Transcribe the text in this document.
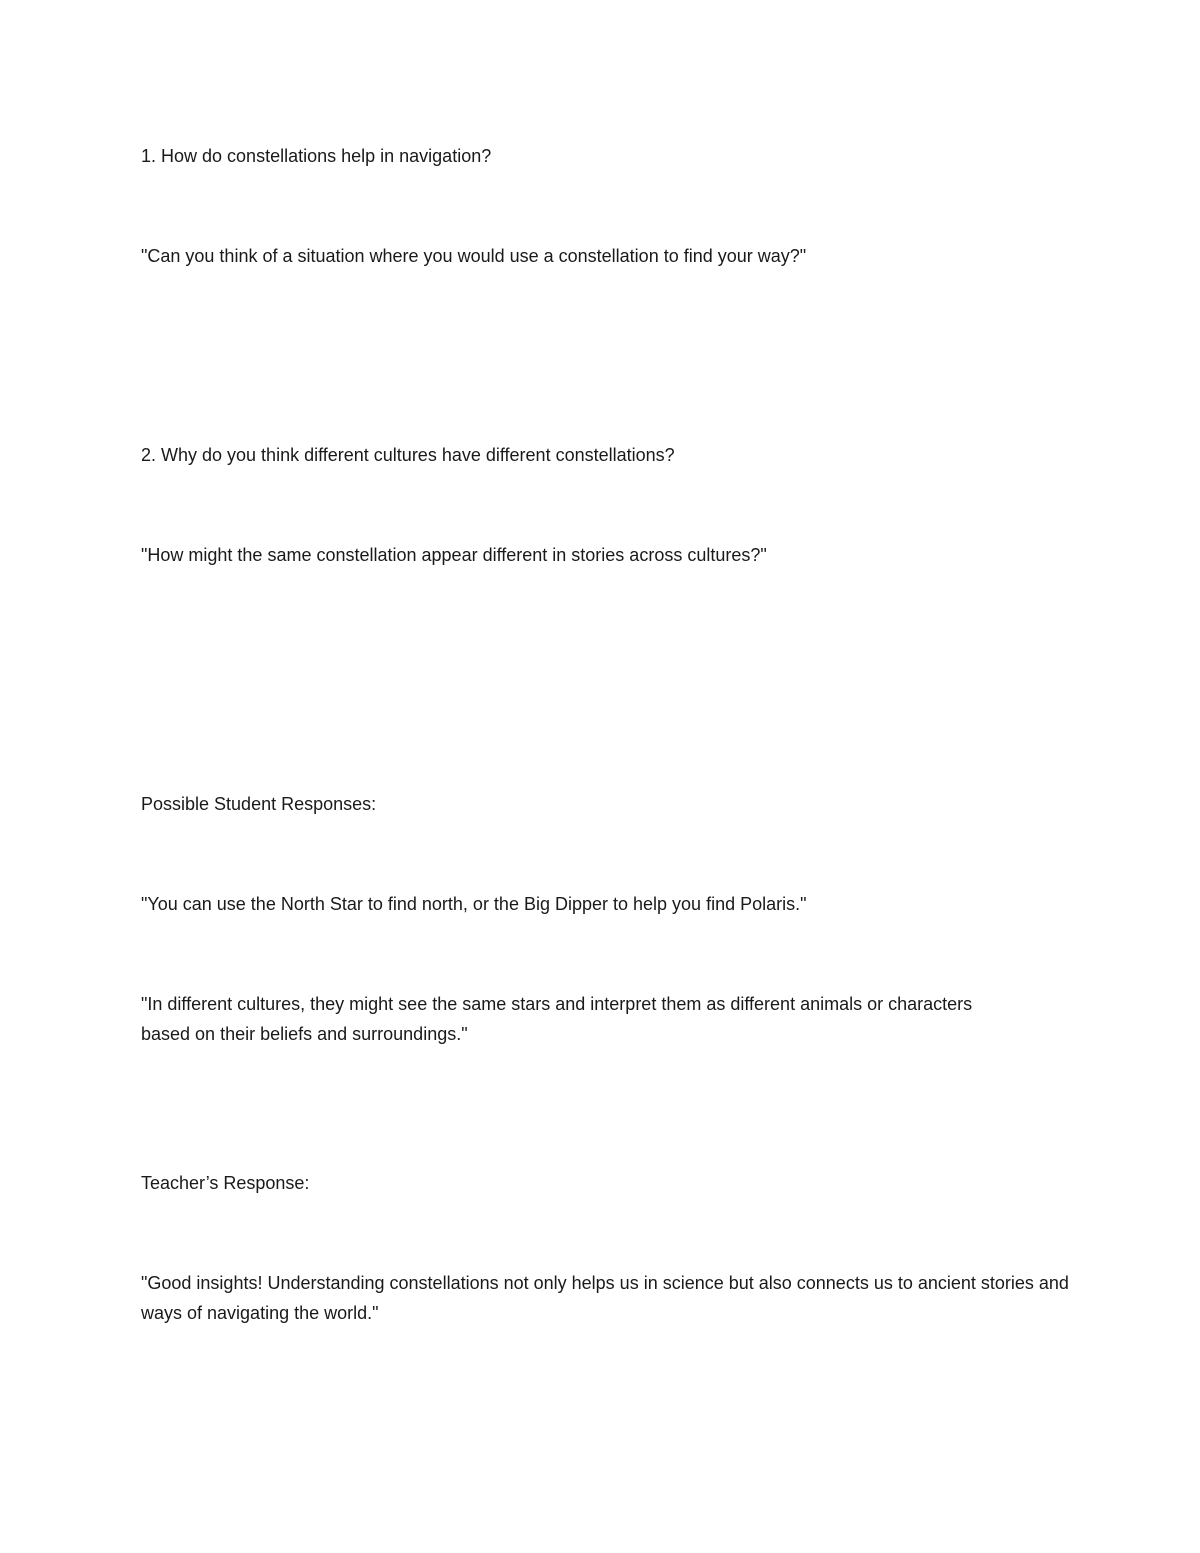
1. How do constellations help in navigation?

"Can you think of a situation where you would use a constellation to find your way?"

2. Why do you think different cultures have different constellations?

"How might the same constellation appear different in stories across cultures?"

Possible Student Responses:

"You can use the North Star to find north, or the Big Dipper to help you find Polaris."

"In different cultures, they might see the same stars and interpret them as different animals or characters based on their beliefs and surroundings."

Teacher’s Response:

"Good insights! Understanding constellations not only helps us in science but also connects us to ancient stories and ways of navigating the world."
